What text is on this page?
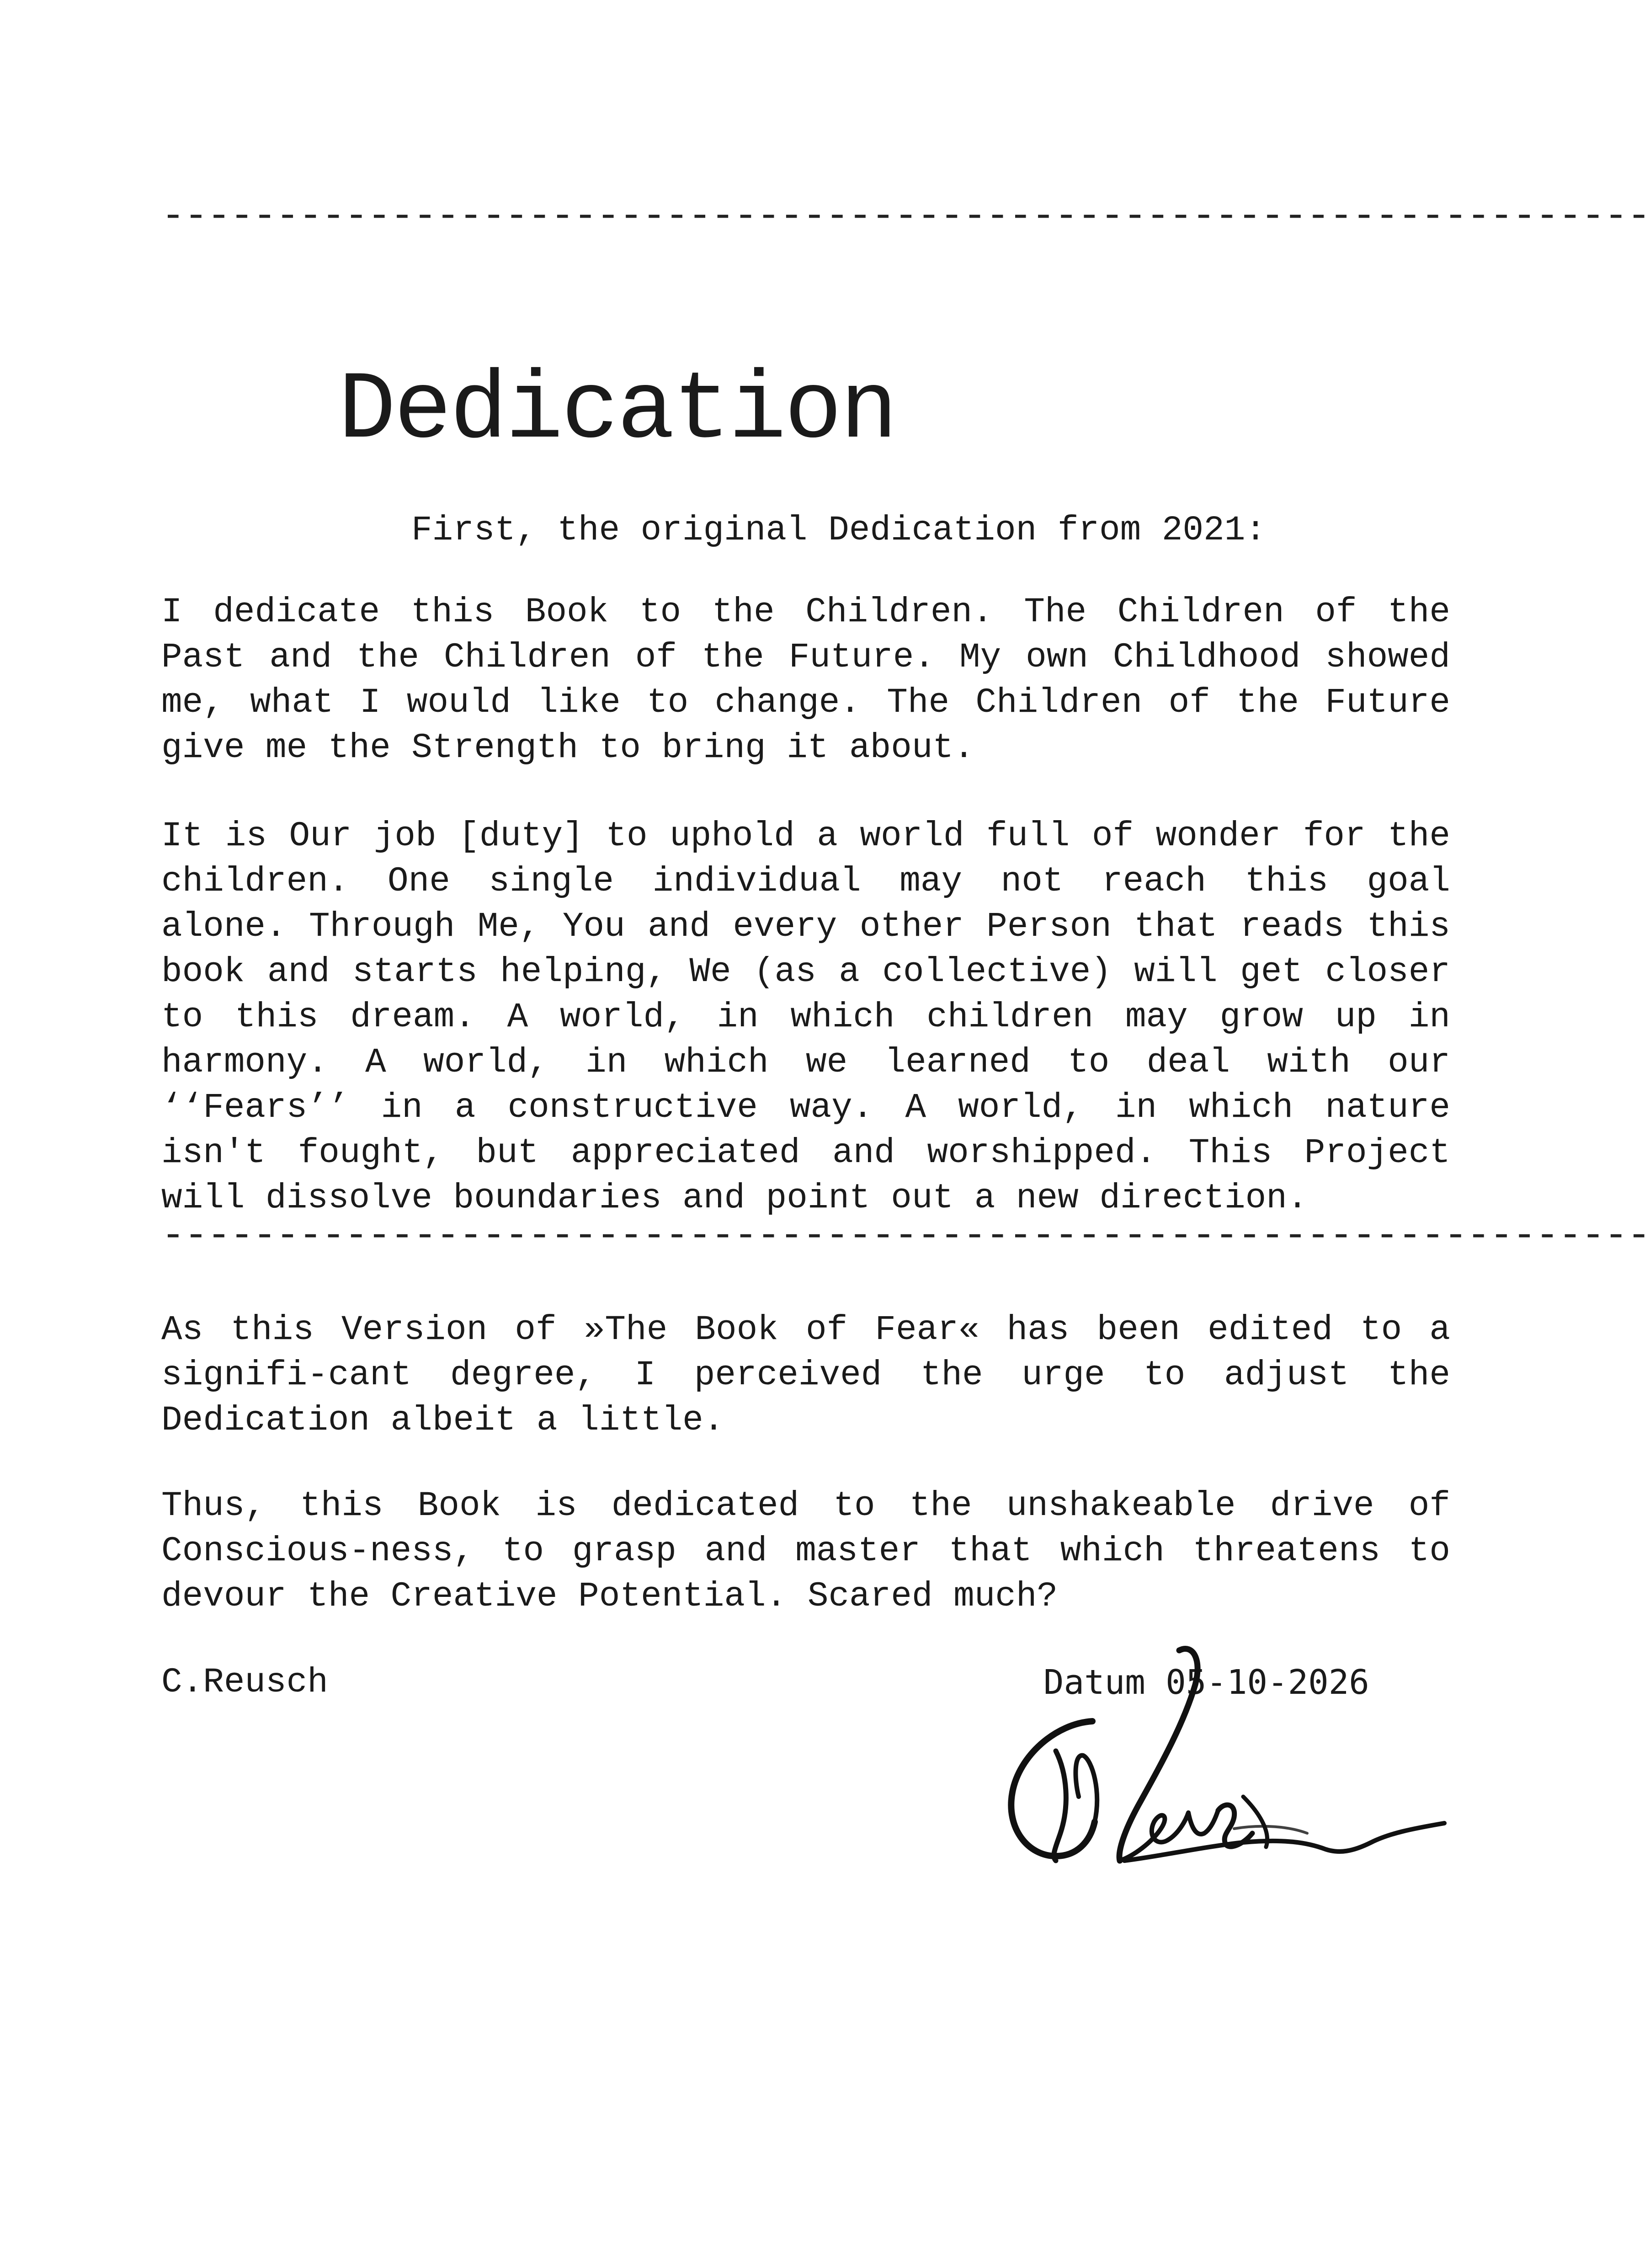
-----------------------------------------------------------------
Dedication
First, the original Dedication from 2021:

I dedicate this Book to the Children. The Children of the Past and the Children of the Future. My own Childhood showed me, what I would like to change. The Children of the Future give me the Strength to bring it about.

It is Our job [duty] to uphold a world full of wonder for the children. One single individual may not reach this goal alone. Through Me, You and every other Person that reads this book and starts helping, We (as a collective) will get closer to this dream. A world, in which children may grow up in harmony. A world, in which we learned to deal with our ‘‘Fears’’ in a constructive way. A world, in which nature isn't fought, but appreciated and worshipped. This Project will dissolve boundaries and point out a new direction.

-----------------------------------------------------------------

As this Version of »The Book of Fear« has been edited to a signifi-cant degree, I perceived the urge to adjust the Dedication albeit a little.

Thus, this Book is dedicated to the unshakeable drive of Conscious-ness, to grasp and master that which threatens to devour the Creative Potential. Scared much?

C.Reusch	Datum 05-10-2026
